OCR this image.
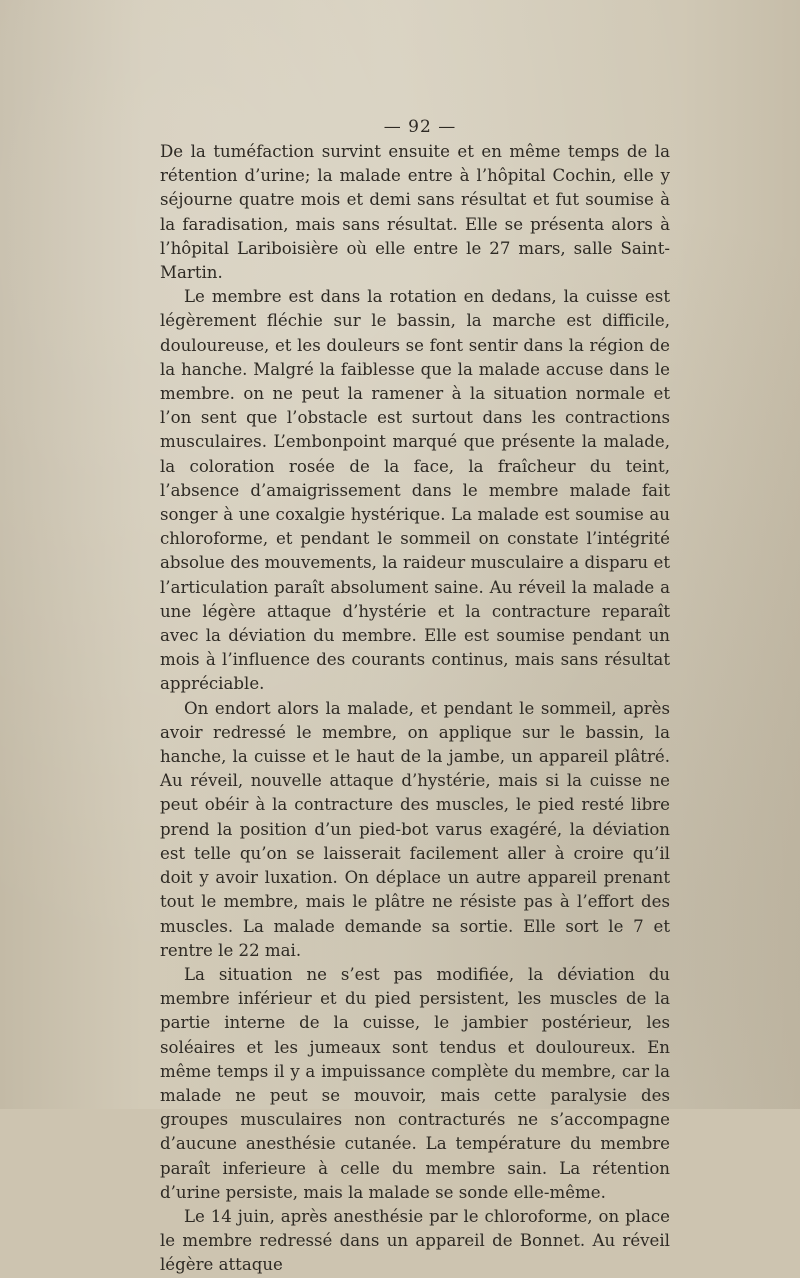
— 92 —

De la tuméfaction survint ensuite et en même temps de la rétention d’urine; la malade entre à l’hôpital Cochin, elle y séjourne quatre mois et demi sans résultat et fut soumise à la faradisation, mais sans résultat. Elle se présenta alors à l’hôpital Lariboisière où elle entre le 27 mars, salle Saint-Martin.

Le membre est dans la rotation en dedans, la cuisse est légèrement fléchie sur le bassin, la marche est difficile, douloureuse, et les douleurs se font sentir dans la région de la hanche. Malgré la faiblesse que la malade accuse dans le membre. on ne peut la ramener à la situation normale et l’on sent que l’obstacle est surtout dans les contractions musculaires. L’embonpoint marqué que présente la malade, la coloration rosée de la face, la fraîcheur du teint, l’absence d’amaigrissement dans le membre malade fait songer à une coxalgie hystérique. La malade est soumise au chloroforme, et pendant le sommeil on constate l’intégrité absolue des mouvements, la raideur musculaire a disparu et l’articulation paraît absolument saine. Au réveil la malade a une légère attaque d’hystérie et la contracture reparaît avec la déviation du membre. Elle est soumise pendant un mois à l’influence des courants continus, mais sans résultat appréciable.

On endort alors la malade, et pendant le sommeil, après avoir redressé le membre, on applique sur le bassin, la hanche, la cuisse et le haut de la jambe, un appareil plâtré. Au réveil, nouvelle attaque d’hystérie, mais si la cuisse ne peut obéir à la contracture des muscles, le pied resté libre prend la position d’un pied-bot varus exagéré, la déviation est telle qu’on se laisserait facilement aller à croire qu’il doit y avoir luxation. On déplace un autre appareil prenant tout le membre, mais le plâtre ne résiste pas à l’effort des muscles. La malade demande sa sortie. Elle sort le 7 et rentre le 22 mai.

La situation ne s’est pas modifiée, la déviation du membre inférieur et du pied persistent, les muscles de la partie interne de la cuisse, le jambier postérieur, les soléaires et les jumeaux sont tendus et douloureux. En même temps il y a impuissance complète du membre, car la malade ne peut se mouvoir, mais cette paralysie des groupes musculaires non contracturés ne s’accompagne d’aucune anesthésie cutanée. La température du membre paraît inferieure à celle du membre sain. La rétention d’urine persiste, mais la malade se sonde elle-même.

Le 14 juin, après anesthésie par le chloroforme, on place le membre redressé dans un appareil de Bonnet. Au réveil légère attaque
